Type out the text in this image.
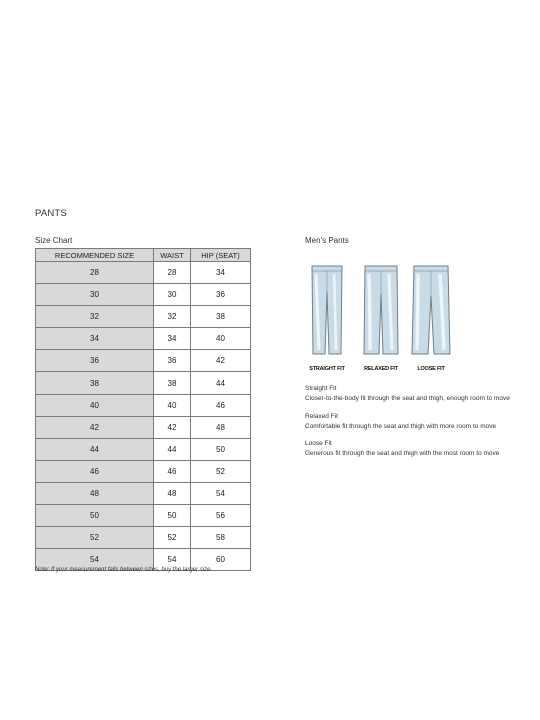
PANTS
Size Chart
RECOMMENDED SIZE	WAIST	HIP (SEAT)
28	28	34
30	30	36
32	32	38
34	34	40
36	36	42
38	38	44
40	40	46
42	42	48
44	44	50
46	46	52
48	48	54
50	50	56
52	52	58
54	54	60
Note: If your measurement falls between sizes, buy the larger size.
Men's Pants
STRAIGHT FIT	RELAXED FIT	LOOSE FIT
Straight Fit
Closer-to-the-body fit through the seat and thigh, enough room to move
Relaxed Fit
Comfortable fit through the seat and thigh with more room to move
Loose Fit
Generous fit through the seat and thigh with the most room to move
